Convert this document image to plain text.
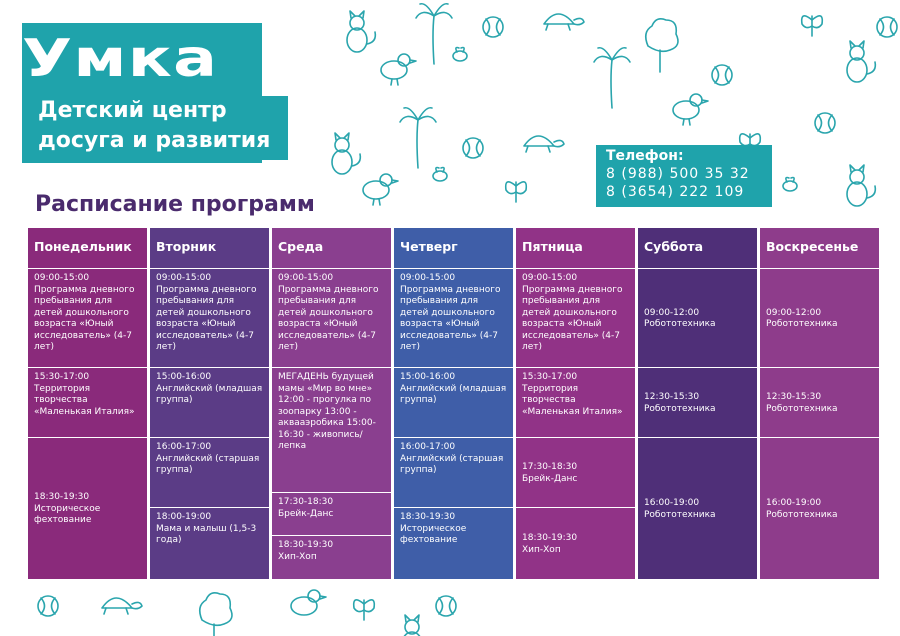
Умка
Детский центр
досуга и развития
Телефон:
8 (988) 500 35 32
8 (3654) 222 109
Расписание программ
Понедельник
09:00-15:00
Программа дневного пребывания для детей дошкольного возраста «Юный исследователь» (4-7 лет)
15:30-17:00
Территория творчества «Маленькая Италия»
18:30-19:30
Историческое фехтование
Вторник
09:00-15:00
Программа дневного пребывания для детей дошкольного возраста «Юный исследователь» (4-7 лет)
15:00-16:00
Английский (младшая группа)
16:00-17:00
Английский (старшая группа)
18:00-19:00
Мама и малыш (1,5-3 года)
Среда
09:00-15:00
Программа дневного пребывания для детей дошкольного возраста «Юный исследователь» (4-7 лет)
МЕГАДЕНЬ будущей мамы «Мир во мне»
12:00 - прогулка по зоопарку 13:00 - аквааэробика 15:00-16:30 - живопись/лепка
17:30-18:30
Брейк-Данс
18:30-19:30
Хип-Хоп
Четверг
09:00-15:00
Программа дневного пребывания для детей дошкольного возраста «Юный исследователь» (4-7 лет)
15:00-16:00
Английский (младшая группа)
16:00-17:00
Английский (старшая группа)
18:30-19:30
Историческое фехтование
Пятница
09:00-15:00
Программа дневного пребывания для детей дошкольного возраста «Юный исследователь» (4-7 лет)
15:30-17:00
Территория творчества «Маленькая Италия»
17:30-18:30
Брейк-Данс
18:30-19:30
Хип-Хоп
Суббота
09:00-12:00
Робототехника
12:30-15:30
Робототехника
16:00-19:00
Робототехника
Воскресенье
09:00-12:00
Робототехника
12:30-15:30
Робототехника
16:00-19:00
Робототехника
